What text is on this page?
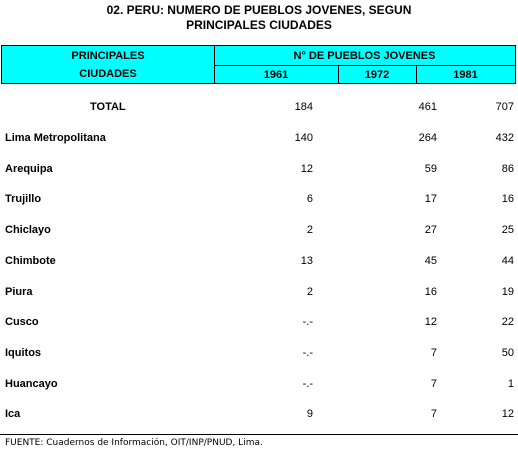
02. PERU: NUMERO DE PUEBLOS JOVENES, SEGUN
PRINCIPALES CIUDADES
PRINCIPALES
CIUDADES
N° DE PUEBLOS JOVENES
1961	1972	1981
TOTAL	184	461	707
Lima Metropolitana	140	264	432
Arequipa	12	59	86
Trujillo	6	17	16
Chiclayo	2	27	25
Chimbote	13	45	44
Piura	2	16	19
Cusco	-.-	12	22
Iquitos	-.-	7	50
Huancayo	-.-	7	1
Ica	9	7	12
FUENTE: Cuadernos de Información, OIT/INP/PNUD, Lima.
